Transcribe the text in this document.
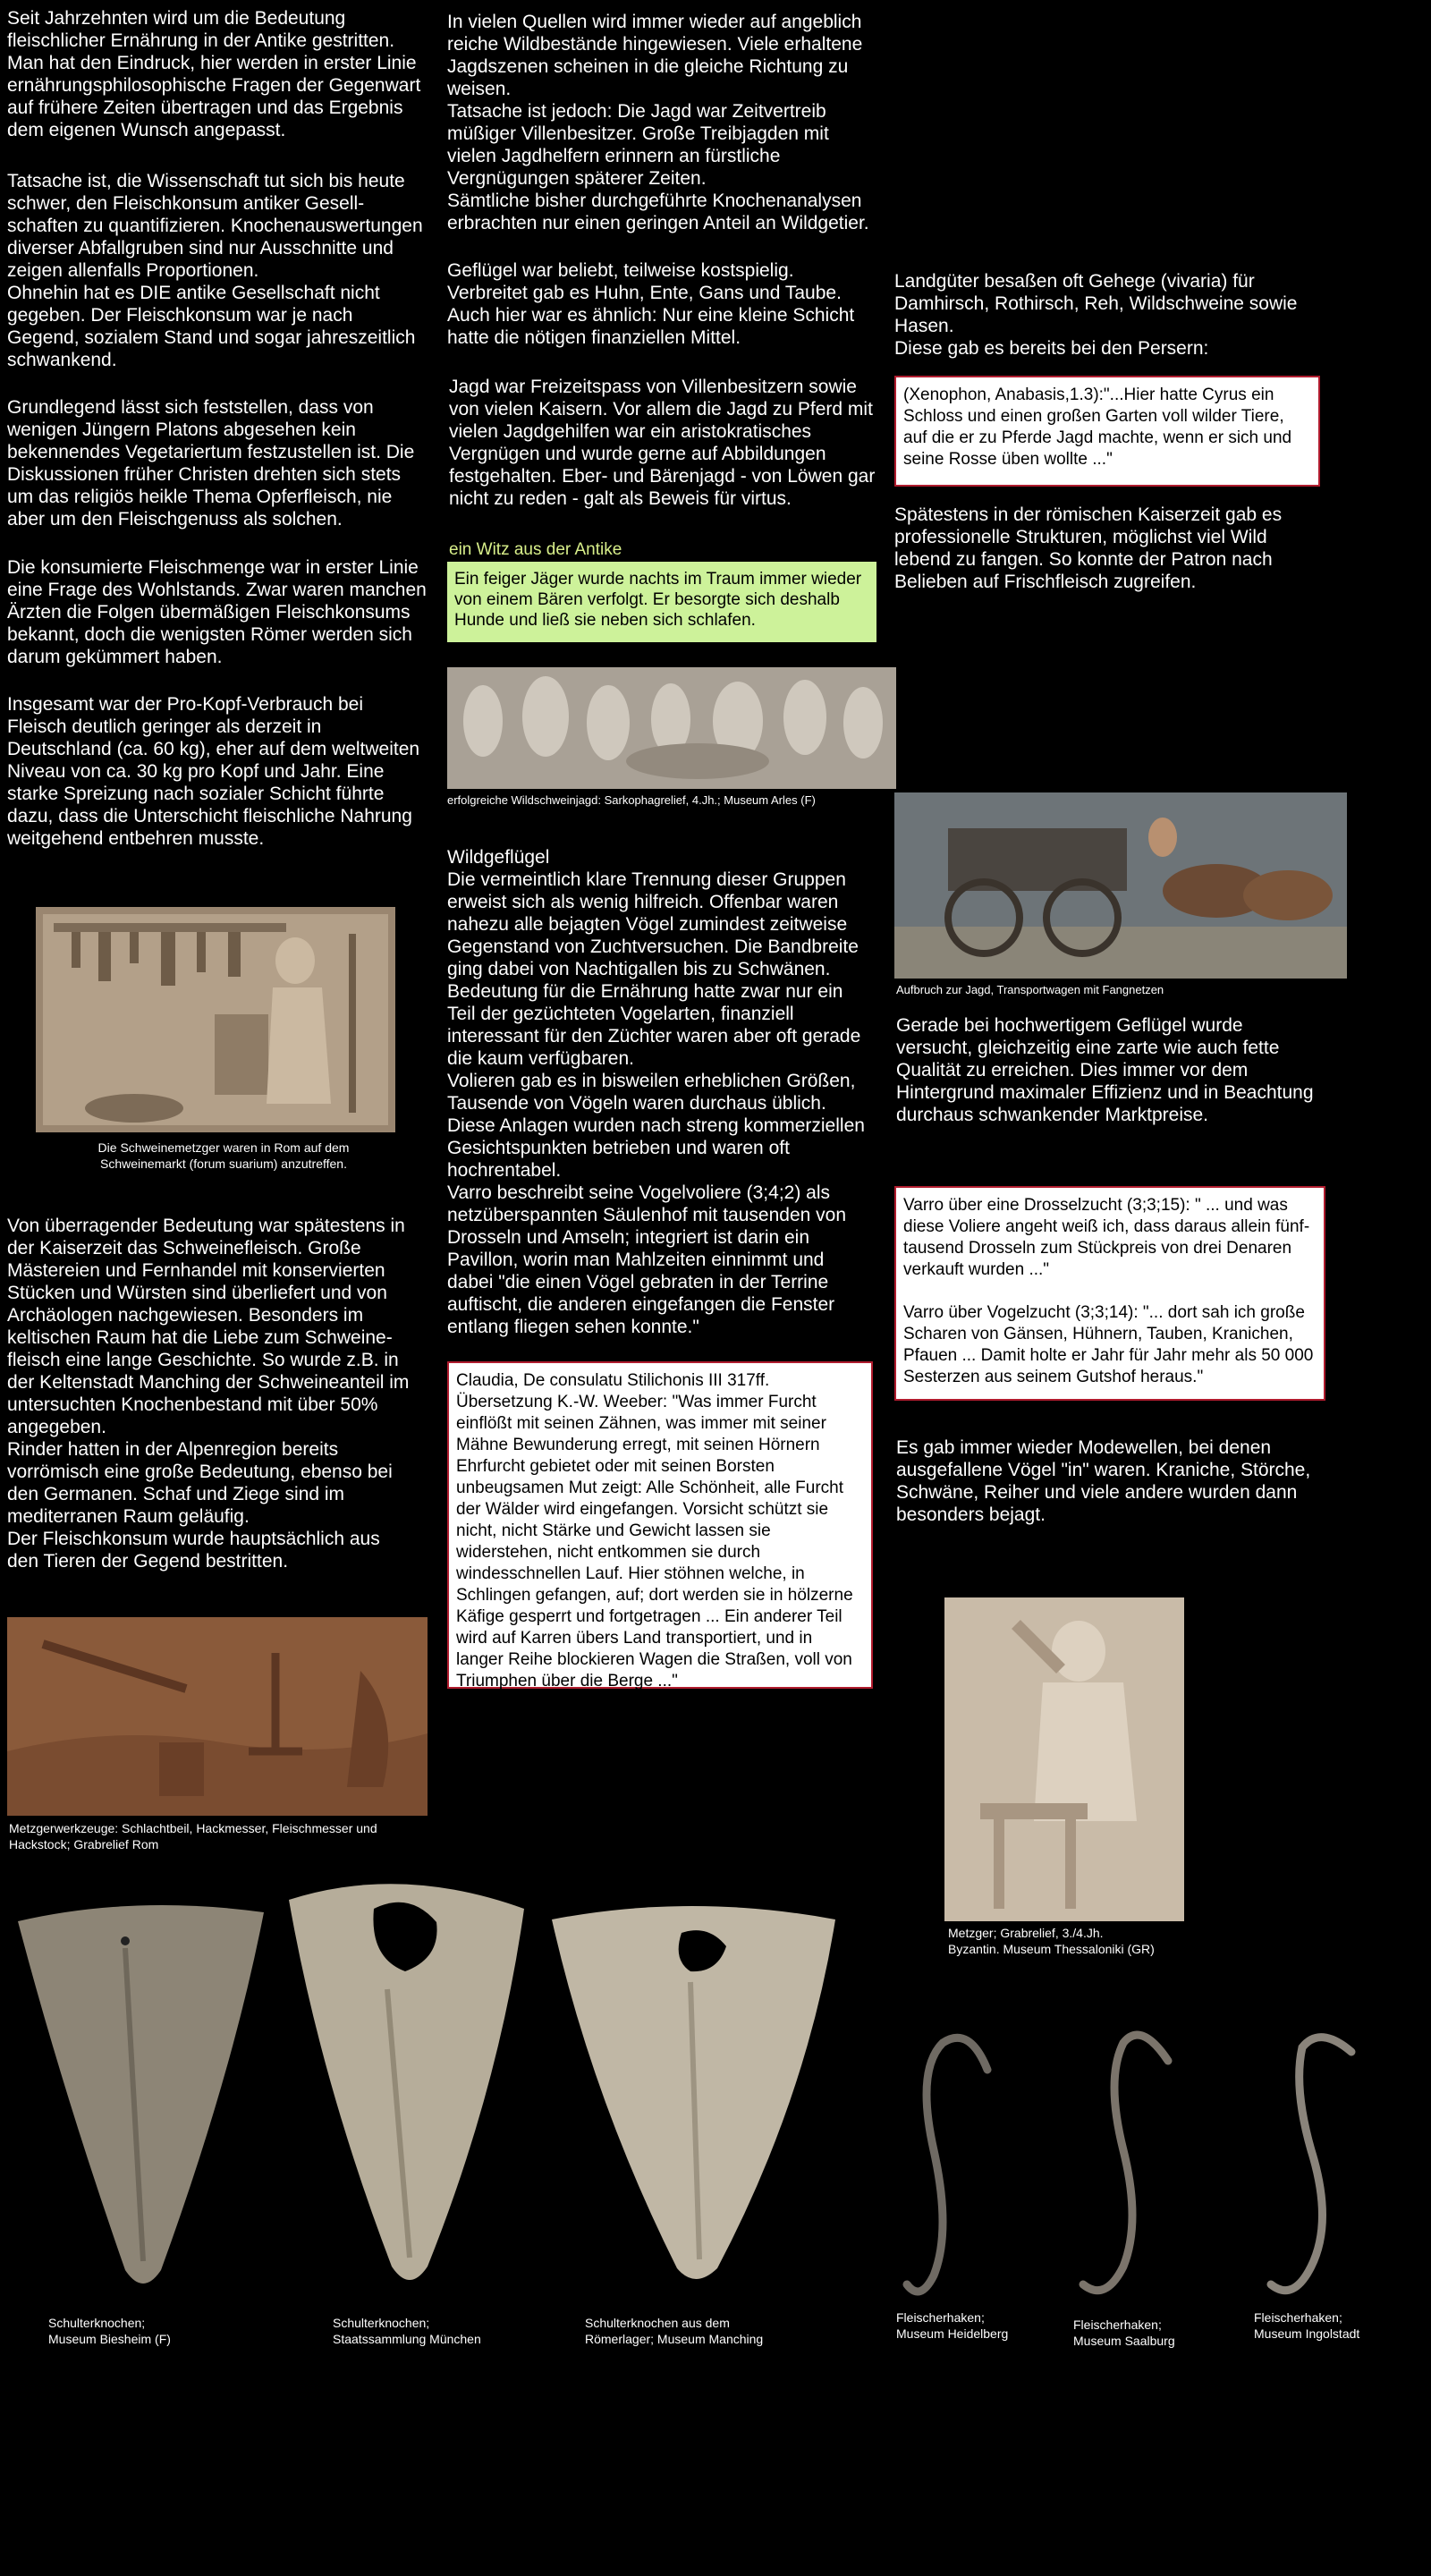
Seit Jahrzehnten wird um die Bedeutung
fleischlicher Ernährung in der Antike gestritten.
Man hat den Eindruck, hier werden in erster Linie
ernährungsphilosophische Fragen der Gegenwart
auf frühere Zeiten übertragen und das Ergebnis
dem eigenen Wunsch angepasst.

Tatsache ist, die Wissenschaft tut sich bis heute
schwer, den Fleischkonsum antiker Gesell-
schaften zu quantifizieren. Knochenauswertungen
diverser Abfallgruben sind nur Ausschnitte und
zeigen allenfalls Proportionen.
Ohnehin hat es DIE antike Gesellschaft nicht
gegeben. Der Fleischkonsum war je nach
Gegend, sozialem Stand und sogar jahreszeitlich
schwankend.

Grundlegend lässt sich feststellen, dass von
wenigen Jüngern Platons abgesehen kein
bekennendes Vegetariertum festzustellen ist. Die
Diskussionen früher Christen drehten sich stets
um das religiös heikle Thema Opferfleisch, nie
aber um den Fleischgenuss als solchen.

Die konsumierte Fleischmenge war in erster Linie
eine Frage des Wohlstands. Zwar waren manchen
Ärzten die Folgen übermäßigen Fleischkonsums
bekannt, doch die wenigsten Römer werden sich
darum gekümmert haben.

Insgesamt war der Pro-Kopf-Verbrauch bei
Fleisch deutlich geringer als derzeit in
Deutschland (ca. 60 kg), eher auf dem weltweiten
Niveau von ca. 30 kg pro Kopf und Jahr. Eine
starke Spreizung nach sozialer Schicht führte
dazu, dass die Unterschicht fleischliche Nahrung
weitgehend entbehren musste.

Die Schweinemetzger waren in Rom auf dem
Schweinemarkt (forum suarium) anzutreffen.

Von überragender Bedeutung war spätestens in
der Kaiserzeit das Schweinefleisch. Große
Mästereien und Fernhandel mit konservierten
Stücken und Würsten sind überliefert und von
Archäologen nachgewiesen. Besonders im
keltischen Raum hat die Liebe zum Schweine-
fleisch eine lange Geschichte. So wurde z.B. in
der Keltenstadt Manching der Schweineanteil im
untersuchten Knochenbestand mit über 50%
angegeben.
Rinder hatten in der Alpenregion bereits
vorrömisch eine große Bedeutung, ebenso bei
den Germanen. Schaf und Ziege sind im
mediterranen Raum geläufig.
Der Fleischkonsum wurde hauptsächlich aus
den Tieren der Gegend bestritten.

Metzgerwerkzeuge: Schlachtbeil, Hackmesser, Fleischmesser und
Hackstock; Grabrelief Rom

In vielen Quellen wird immer wieder auf angeblich
reiche Wildbestände hingewiesen. Viele erhaltene
Jagdszenen scheinen in die gleiche Richtung zu
weisen.
Tatsache ist jedoch: Die Jagd war Zeitvertreib
müßiger Villenbesitzer. Große Treibjagden mit
vielen Jagdhelfern erinnern an fürstliche
Vergnügungen späterer Zeiten.
Sämtliche bisher durchgeführte Knochenanalysen
erbrachten nur einen geringen Anteil an Wildgetier.

Geflügel war beliebt, teilweise kostspielig.
Verbreitet gab es Huhn, Ente, Gans und Taube.
Auch hier war es ähnlich: Nur eine kleine Schicht
hatte die nötigen finanziellen Mittel.

Jagd war Freizeitspass von Villenbesitzern sowie
von vielen Kaisern. Vor allem die Jagd zu Pferd mit
vielen Jagdgehilfen war ein aristokratisches
Vergnügen und wurde gerne auf Abbildungen
festgehalten. Eber- und Bärenjagd - von Löwen gar
nicht zu reden - galt als Beweis für virtus.

ein Witz aus der Antike
Ein feiger Jäger wurde nachts im Traum immer wieder von einem Bären verfolgt. Er besorgte sich deshalb Hunde und ließ sie neben sich schlafen.

erfolgreiche Wildschweinjagd: Sarkophagrelief, 4.Jh.; Museum Arles (F)

Wildgeflügel
Die vermeintlich klare Trennung dieser Gruppen
erweist sich als wenig hilfreich. Offenbar waren
nahezu alle bejagten Vögel zumindest zeitweise
Gegenstand von Zuchtversuchen. Die Bandbreite
ging dabei von Nachtigallen bis zu Schwänen.
Bedeutung für die Ernährung hatte zwar nur ein
Teil der gezüchteten Vogelarten, finanziell
interessant für den Züchter waren aber oft gerade
die kaum verfügbaren.
Volieren gab es in bisweilen erheblichen Größen,
Tausende von Vögeln waren durchaus üblich.
Diese Anlagen wurden nach streng kommerziellen
Gesichtspunkten betrieben und waren oft
hochrentabel.
Varro beschreibt seine Vogelvoliere (3;4;2) als
netzüberspannten Säulenhof mit tausenden von
Drosseln und Amseln; integriert ist darin ein
Pavillon, worin man Mahlzeiten einnimmt und
dabei "die einen Vögel gebraten in der Terrine
auftischt, die anderen eingefangen die Fenster
entlang fliegen sehen konnte."

Claudia, De consulatu Stilichonis III 317ff. Übersetzung K.-W. Weeber: "Was immer Furcht einflößt mit seinen Zähnen, was immer mit seiner Mähne Bewunderung erregt, mit seinen Hörnern Ehrfurcht gebietet oder mit seinen Borsten unbeugsamen Mut zeigt: Alle Schönheit, alle Furcht der Wälder wird eingefangen. Vorsicht schützt sie nicht, nicht Stärke und Gewicht lassen sie widerstehen, nicht entkommen sie durch windesschnellen Lauf. Hier stöhnen welche, in Schlingen gefangen, auf; dort werden sie in hölzerne Käfige gesperrt und fortgetragen ... Ein anderer Teil wird auf Karren übers Land transportiert, und in langer Reihe blockieren Wagen die Straßen, voll von Triumphen über die Berge ..."

Landgüter besaßen oft Gehege (vivaria) für
Damhirsch, Rothirsch, Reh, Wildschweine sowie
Hasen.
Diese gab es bereits bei den Persern:

(Xenophon, Anabasis,1.3):"...Hier hatte Cyrus ein Schloss und einen großen Garten voll wilder Tiere, auf die er zu Pferde Jagd machte, wenn er sich und seine Rosse üben wollte ..."

Spätestens in der römischen Kaiserzeit gab es
professionelle Strukturen, möglichst viel Wild
lebend zu fangen. So konnte der Patron nach
Belieben auf Frischfleisch zugreifen.

Aufbruch zur Jagd, Transportwagen mit Fangnetzen

Gerade bei hochwertigem Geflügel wurde
versucht, gleichzeitig eine zarte wie auch fette
Qualität zu erreichen. Dies immer vor dem
Hintergrund maximaler Effizienz und in Beachtung
durchaus schwankender Marktpreise.

Varro über eine Drosselzucht (3;3;15): " ... und was diese Voliere angeht weiß ich, dass daraus allein fünf-tausend Drosseln zum Stückpreis von drei Denaren verkauft wurden ..."

Varro über Vogelzucht (3;3;14): "... dort sah ich große Scharen von Gänsen, Hühnern, Tauben, Kranichen, Pfauen ... Damit holte er Jahr für Jahr mehr als 50 000 Sesterzen aus seinem Gutshof heraus."

Es gab immer wieder Modewellen, bei denen
ausgefallene Vögel "in" waren. Kraniche, Störche,
Schwäne, Reiher und viele andere wurden dann
besonders bejagt.

Metzger; Grabrelief, 3./4.Jh.
Byzantin. Museum Thessaloniki (GR)

Schulterknochen;
Museum Biesheim (F)

Schulterknochen;
Staatssammlung München

Schulterknochen aus dem
Römerlager; Museum Manching

Fleischerhaken;
Museum Heidelberg

Fleischerhaken;
Museum Saalburg

Fleischerhaken;
Museum Ingolstadt
